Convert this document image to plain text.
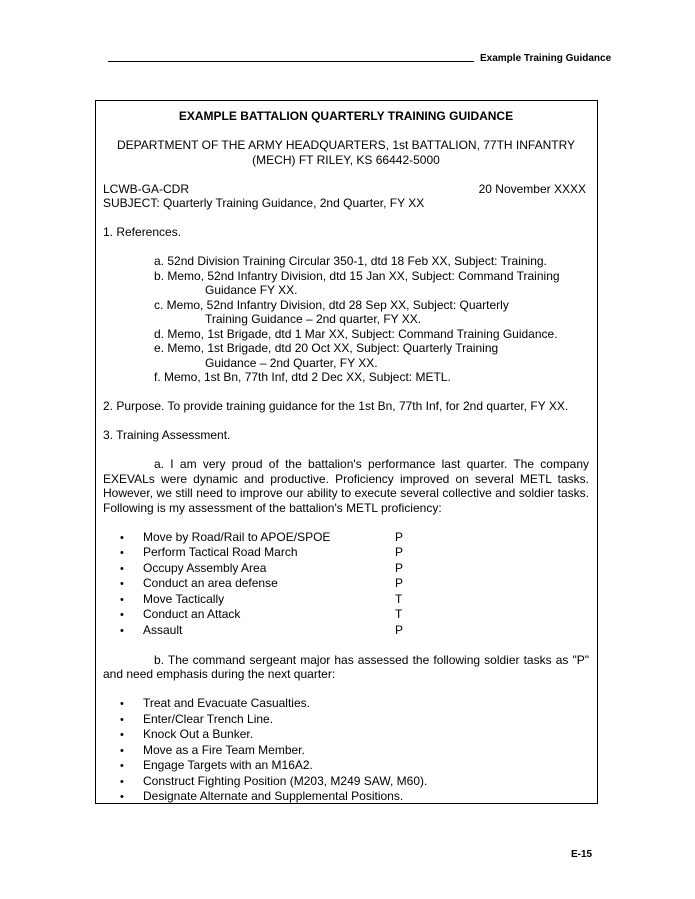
Example Training Guidance

EXAMPLE BATTALION QUARTERLY TRAINING GUIDANCE

DEPARTMENT OF THE ARMY HEADQUARTERS, 1st BATTALION, 77TH INFANTRY

(MECH) FT RILEY, KS 66442-5000

LCWB-GA-CDR	20 November XXXX

SUBJECT: Quarterly Training Guidance, 2nd Quarter, FY XX

1. References.

a. 52nd Division Training Circular 350-1, dtd 18 Feb XX, Subject: Training.
b. Memo, 52nd Infantry Division, dtd 15 Jan XX, Subject: Command Training
Guidance FY XX.
c. Memo, 52nd Infantry Division, dtd 28 Sep XX, Subject: Quarterly
Training Guidance – 2nd quarter, FY XX.
d. Memo, 1st Brigade, dtd 1 Mar XX, Subject: Command Training Guidance.
e. Memo, 1st Brigade, dtd 20 Oct XX, Subject: Quarterly Training
Guidance – 2nd Quarter, FY XX.
f. Memo, 1st Bn, 77th Inf, dtd 2 Dec XX, Subject: METL.

2. Purpose. To provide training guidance for the 1st Bn, 77th Inf, for 2nd quarter, FY XX.

3. Training Assessment.

a. I am very proud of the battalion's performance last quarter. The company EXEVALs were dynamic and productive. Proficiency improved on several METL tasks. However, we still need to improve our ability to execute several collective and soldier tasks. Following is my assessment of the battalion's METL proficiency:

•	Move by Road/Rail to APOE/SPOE	P
•	Perform Tactical Road March	P
•	Occupy Assembly Area	P
•	Conduct an area defense	P
•	Move Tactically	T
•	Conduct an Attack	T
•	Assault	P

b. The command sergeant major has assessed the following soldier tasks as "P" and need emphasis during the next quarter:

•	Treat and Evacuate Casualties.
•	Enter/Clear Trench Line.
•	Knock Out a Bunker.
•	Move as a Fire Team Member.
•	Engage Targets with an M16A2.
•	Construct Fighting Position (M203, M249 SAW, M60).
•	Designate Alternate and Supplemental Positions.
E-15
